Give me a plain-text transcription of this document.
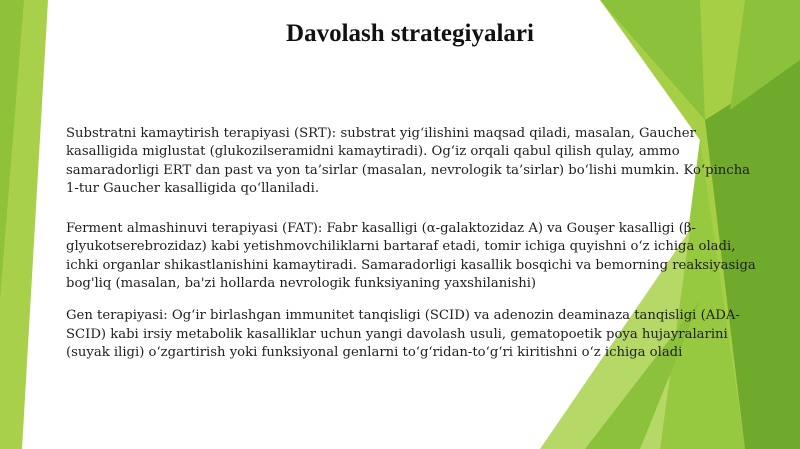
Davolash strategiyalari

Substratni kamaytirish terapiyasi (SRT): substrat yig‘ilishini maqsad qiladi, masalan, Gaucher kasalligida miglustat (glukozilseramidni kamaytiradi). Og‘iz orqali qabul qilish qulay, ammo samaradorligi ERT dan past va yon ta’sirlar (masalan, nevrologik ta’sirlar) bo‘lishi mumkin. Ko‘pincha 1-tur Gaucher kasalligida qo‘llaniladi.

Ferment almashinuvi terapiyasi (FAT): Fabr kasalligi (α-galaktozidaz A) va Gouşer kasalligi (β-glyukotserebrozidaz) kabi yetishmovchiliklarni bartaraf etadi, tomir ichiga quyishni o‘z ichiga oladi, ichki organlar shikastlanishini kamaytiradi. Samaradorligi kasallik bosqichi va bemorning reaksiyasiga bog'liq (masalan, ba'zi hollarda nevrologik funksiyaning yaxshilanishi)

Gen terapiyasi: Og‘ir birlashgan immunitet tanqisligi (SCID) va adenozin deaminaza tanqisligi (ADA-SCID) kabi irsiy metabolik kasalliklar uchun yangi davolash usuli, gematopoetik poya hujayralarini (suyak iligi) o‘zgartirish yoki funksiyonal genlarni to‘g‘ridan-to‘g‘ri kiritishni o‘z ichiga oladi
